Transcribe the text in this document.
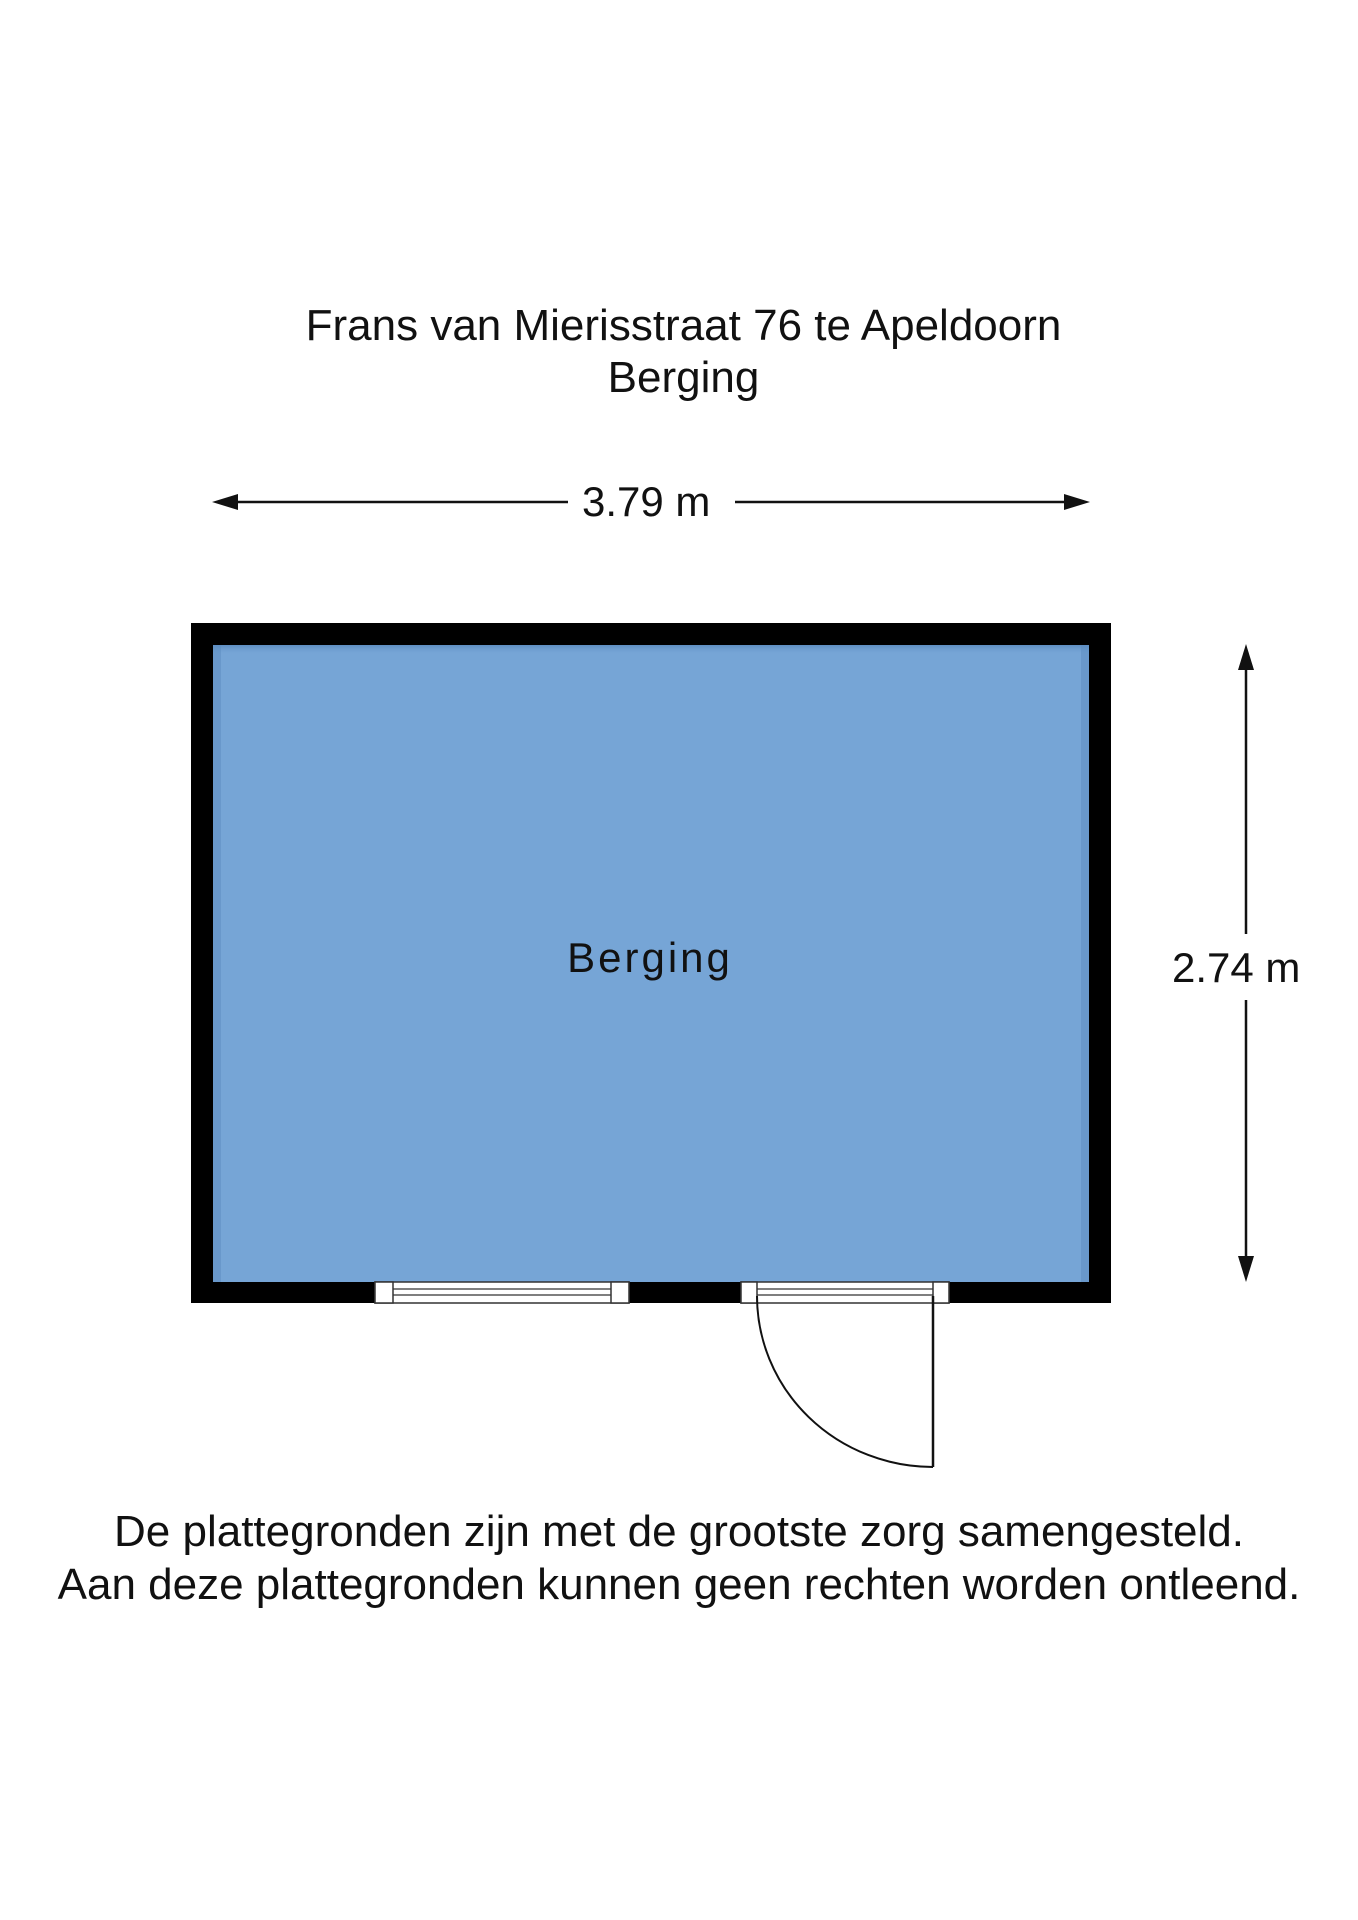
Frans van Mierisstraat 76 te Apeldoorn
Berging
3.79 m
2.74 m
Berging
De plattegronden zijn met de grootste zorg samengesteld.
Aan deze plattegronden kunnen geen rechten worden ontleend.
